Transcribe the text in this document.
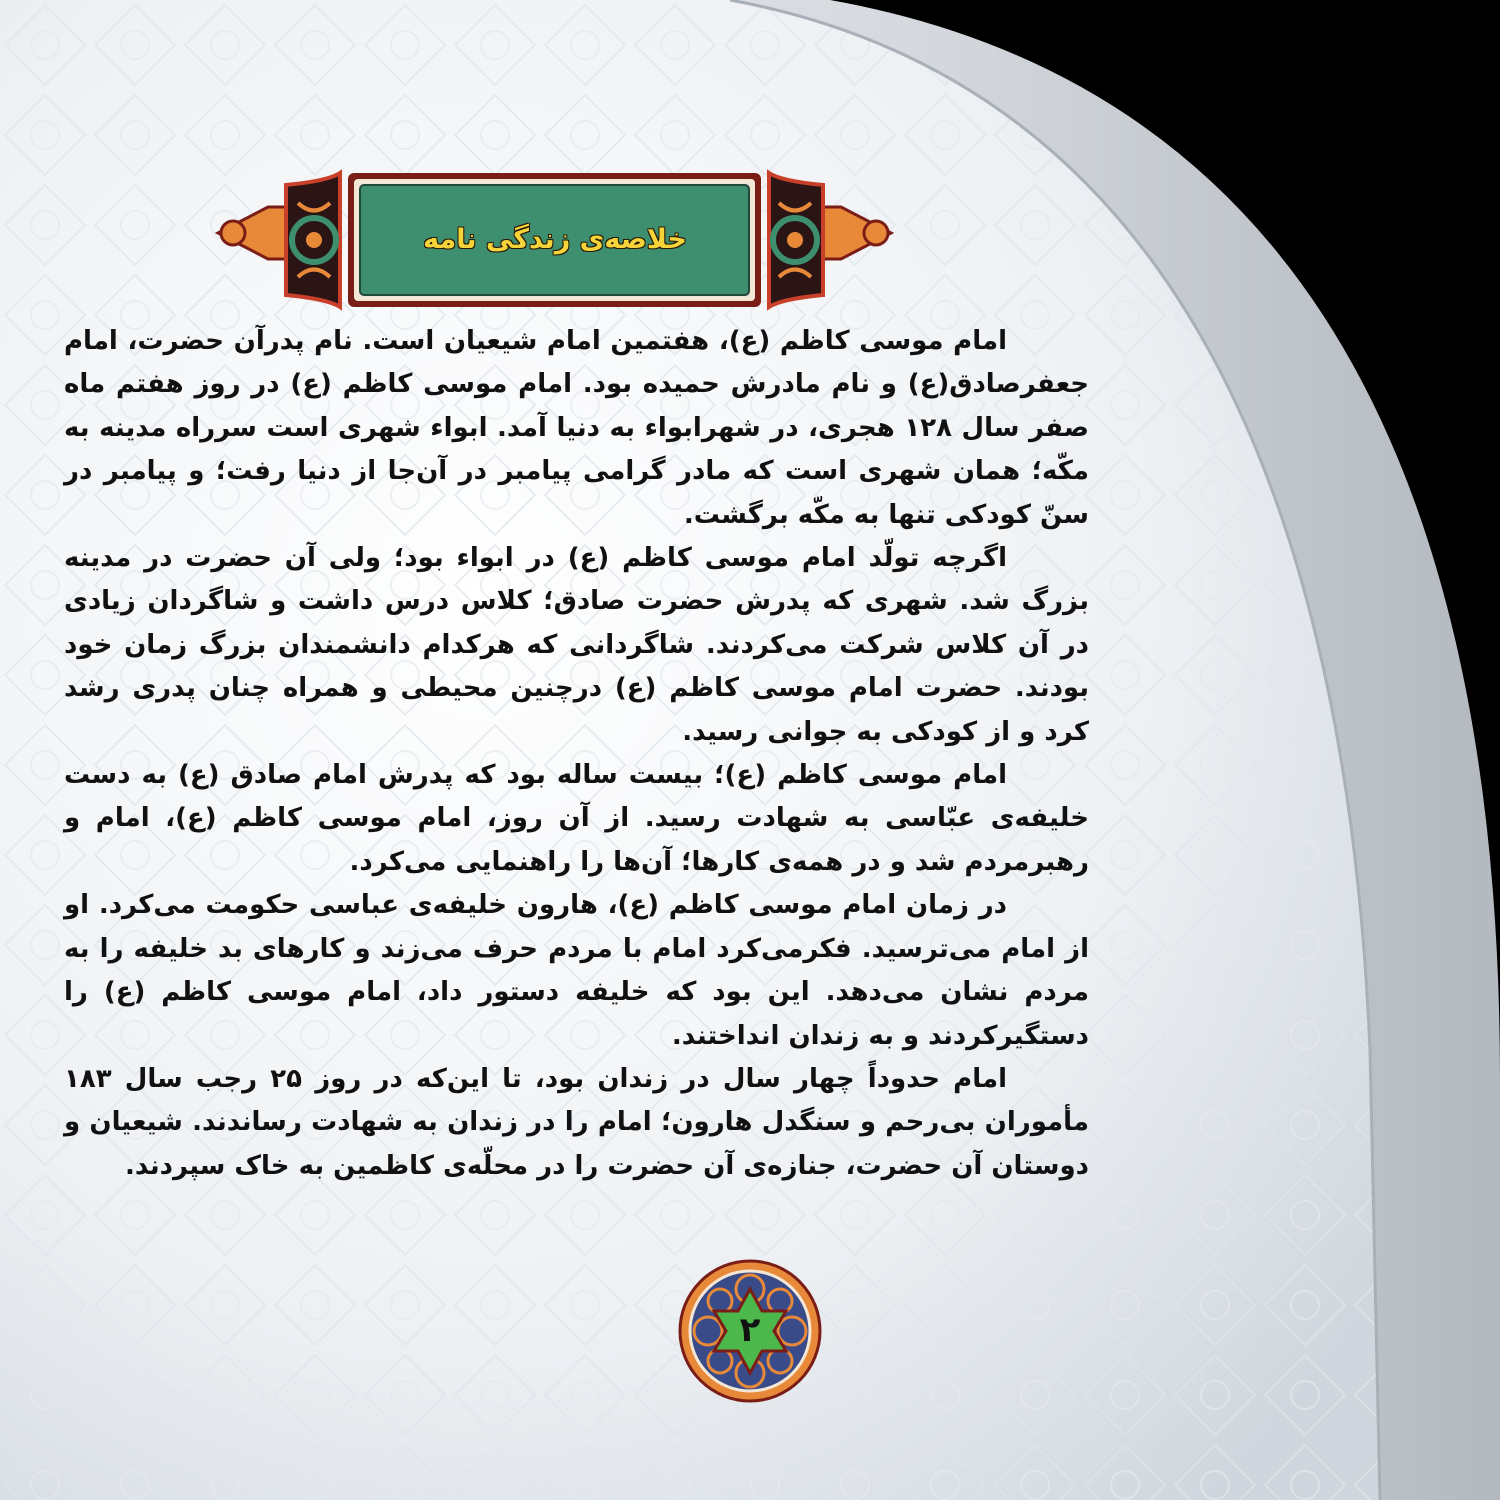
خلاصه‌ی زندگی نامه

امام موسی کاظم (ع)، هفتمین امام شیعیان است. نام پدرآن حضرت، امام جعفرصادق(ع) و نام مادرش حمیده بود. امام موسی کاظم (ع) در روز هفتم ماه صفر سال ۱۲۸ هجری، در شهرابواء به دنیا آمد. ابواء شهری است سرراه مدینه به مکّه؛ همان شهری است که مادر گرامی پیامبر در آن‌جا از دنیا رفت؛ و پیامبر در سنّ کودکی تنها به مکّه برگشت.

اگرچه تولّد امام موسی کاظم (ع) در ابواء بود؛ ولی آن حضرت در مدینه بزرگ شد. شهری که پدرش حضرت صادق؛ کلاس درس داشت و شاگردان زیادی در آن کلاس شرکت می‌کردند. شاگردانی که هرکدام دانشمندان بزرگ زمان خود بودند. حضرت امام موسی کاظم (ع) درچنین محیطی و همراه چنان پدری رشد کرد و از کودکی به جوانی رسید.

امام موسی کاظم (ع)؛ بیست ساله بود که پدرش امام صادق (ع) به دست خلیفه‌ی عبّاسی به شهادت رسید. از آن روز، امام موسی کاظم (ع)، امام و رهبرمردم شد و در همه‌ی کارها؛ آن‌ها را راهنمایی می‌کرد.

در زمان امام موسی کاظم (ع)، هارون خلیفه‌ی عباسی حکومت می‌کرد. او از امام می‌ترسید. فکرمی‌کرد امام با مردم حرف می‌زند و کارهای بد خلیفه را به مردم نشان می‌دهد. این بود که خلیفه دستور داد، امام موسی کاظم (ع) را دستگیرکردند و به زندان انداختند.

امام حدوداً چهار سال در زندان بود، تا این‌که در روز ۲۵ رجب سال ۱۸۳ مأموران بی‌رحم و سنگدل هارون؛ امام را در زندان به شهادت رساندند. شیعیان و دوستان آن حضرت، جنازه‌ی آن حضرت را در محلّه‌ی کاظمین به خاک سپردند.

۲
